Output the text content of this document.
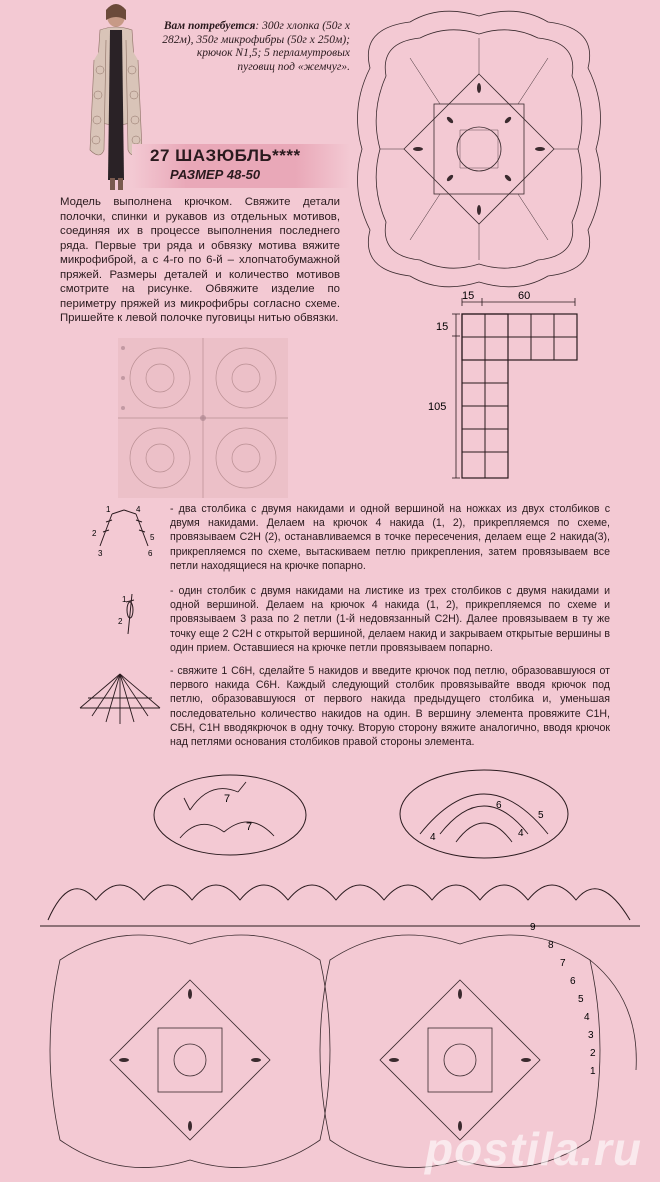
Вам потребуется: 300г хлопка (50г х 282м), 350г микрофибры (50г х 250м); крючок N1,5; 5 перламутровых пуговиц под «жемчуг».
27 ШАЗЮБЛЬ****
РАЗМЕР 48-50
Модель выполнена крючком. Свяжите детали полочки, спинки и рукавов из отдельных мотивов, соединяя их в процессе выполнения последнего ряда. Первые три ряда и обвязку мотива вяжите микрофиброй, а с 4-го по 6-й – хлопчатобумажной пряжей. Размеры деталей и количество мотивов смотрите на рисунке. Обвяжите изделие по периметру пряжей из микрофибры согласно схеме. Пришейте к левой полочке пуговицы нитью обвязки.
15	60
15
105
1
2
3
4
5
6
- два столбика с двумя накидами и одной вершиной на ножках из двух столбиков с двумя накидами. Делаем на крючок 4 накида (1, 2), прикрепляемся по схеме, провязываем С2Н (2), останавливаемся в точке пересечения, делаем еще 2 накида(3), прикрепляемся по схеме, вытаскиваем петлю прикрепления, затем провязываем все петли находящиеся на крючке попарно.
1
2
- один столбик с двумя накидами на листике из трех столбиков с двумя накидами и одной вершиной. Делаем на крючок 4 накида (1, 2), прикрепляемся по схеме и провязываем 3 раза по 2 петли (1-й недовязанный С2Н). Далее провязываем в ту же точку еще 2 С2Н с открытой вершиной, делаем накид и закрываем открытые вершины в один прием. Оставшиеся на крючке петли провязываем попарно.
- свяжите 1 С6Н, сделайте 5 накидов и введите крючок под петлю, образовавшуюся от первого накида С6Н. Каждый следующий столбик провязывайте вводя крючок под петлю, образовавшуюся от первого накида предыдущего столбика и, уменьшая последовательно количество накидов на один. В вершину элемента провяжите С1Н, СБН, С1Н вводякрючок в одну точку. Вторую сторону вяжите аналогично, вводя крючок над петлями основания столбиков правой стороны элемента.
7
7
4
6
4
5
9
8
7
6
5
4
3
2
1
postila.ru
